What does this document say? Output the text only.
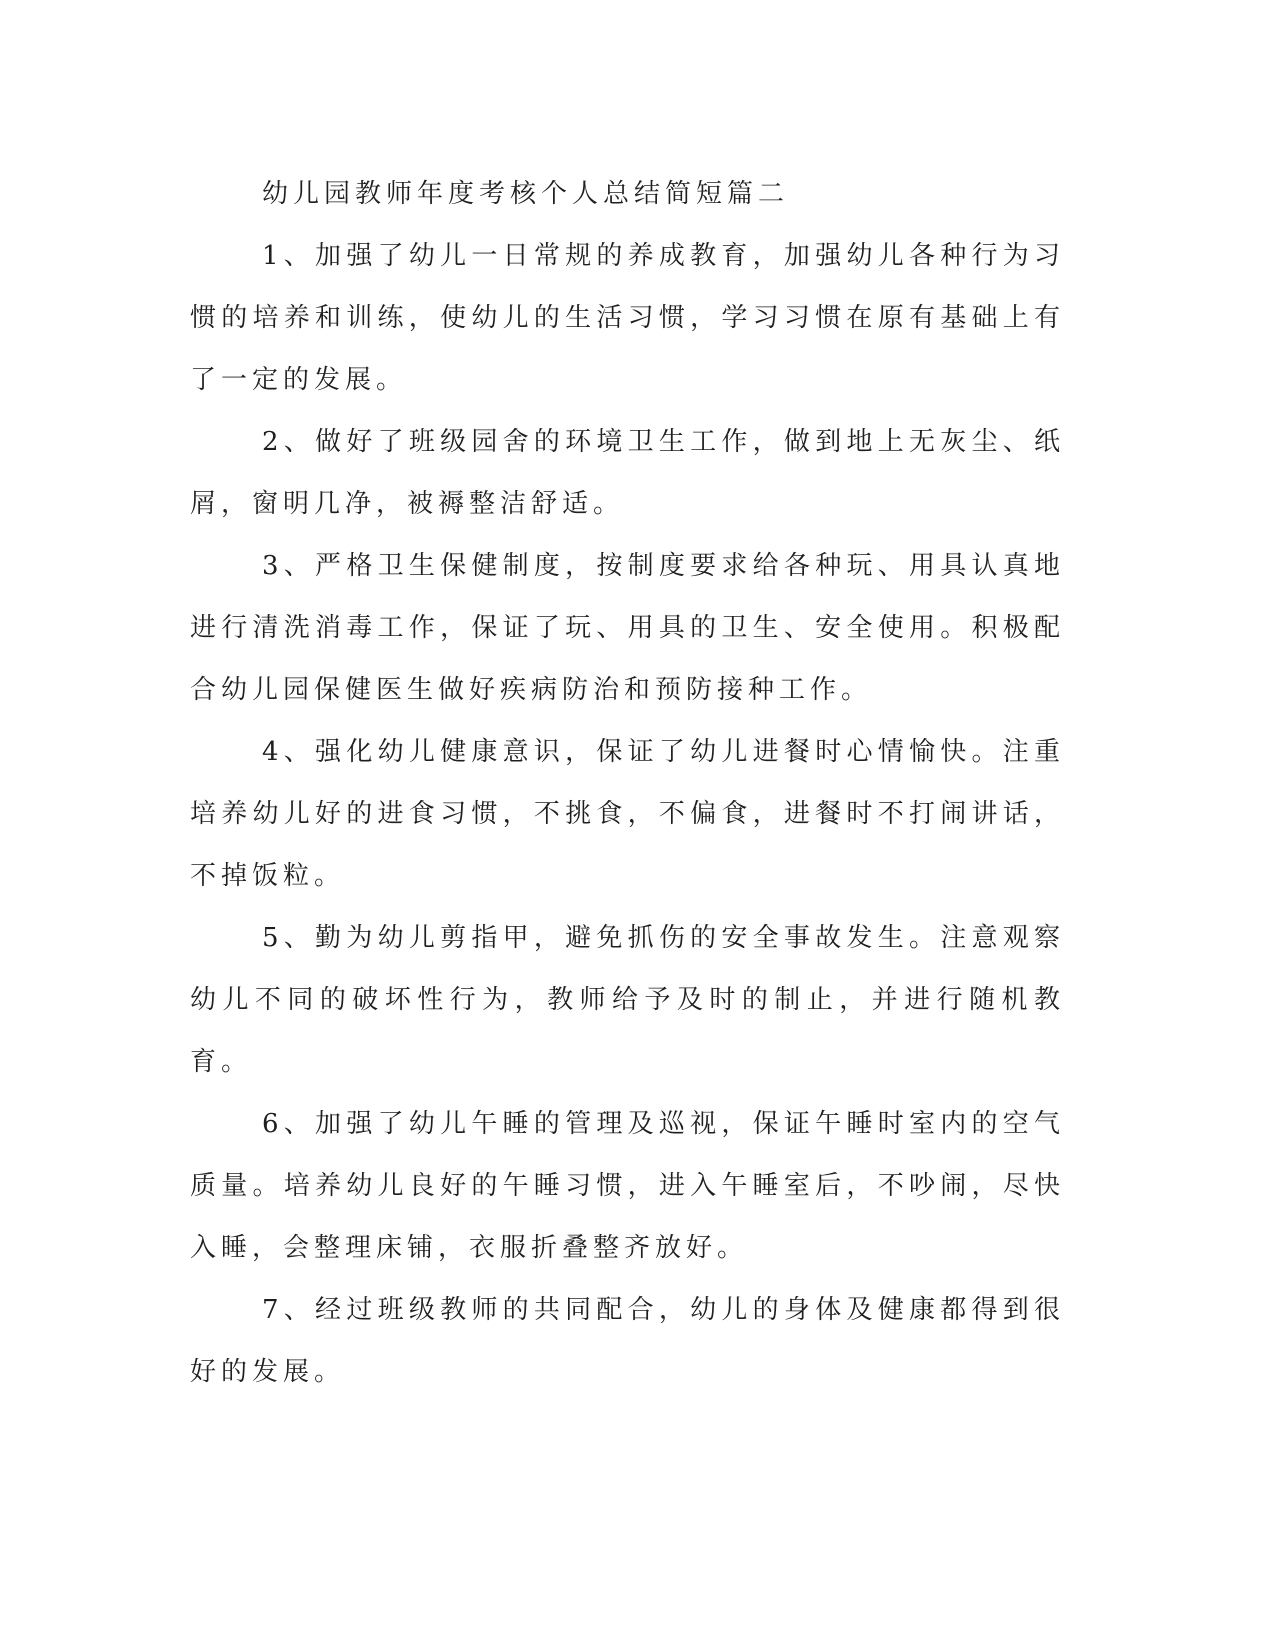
幼儿园教师年度考核个人总结简短篇二

1、加强了幼儿一日常规的养成教育，加强幼儿各种行为习惯的培养和训练，使幼儿的生活习惯，学习习惯在原有基础上有了一定的发展。

2、做好了班级园舍的环境卫生工作，做到地上无灰尘、纸屑，窗明几净，被褥整洁舒适。

3、严格卫生保健制度，按制度要求给各种玩、用具认真地进行清洗消毒工作，保证了玩、用具的卫生、安全使用。积极配合幼儿园保健医生做好疾病防治和预防接种工作。

4、强化幼儿健康意识，保证了幼儿进餐时心情愉快。注重培养幼儿好的进食习惯，不挑食，不偏食，进餐时不打闹讲话，不掉饭粒。

5、勤为幼儿剪指甲，避免抓伤的安全事故发生。注意观察幼儿不同的破坏性行为，教师给予及时的制止，并进行随机教育。

6、加强了幼儿午睡的管理及巡视，保证午睡时室内的空气质量。培养幼儿良好的午睡习惯，进入午睡室后，不吵闹，尽快入睡，会整理床铺，衣服折叠整齐放好。

7、经过班级教师的共同配合，幼儿的身体及健康都得到很好的发展。
